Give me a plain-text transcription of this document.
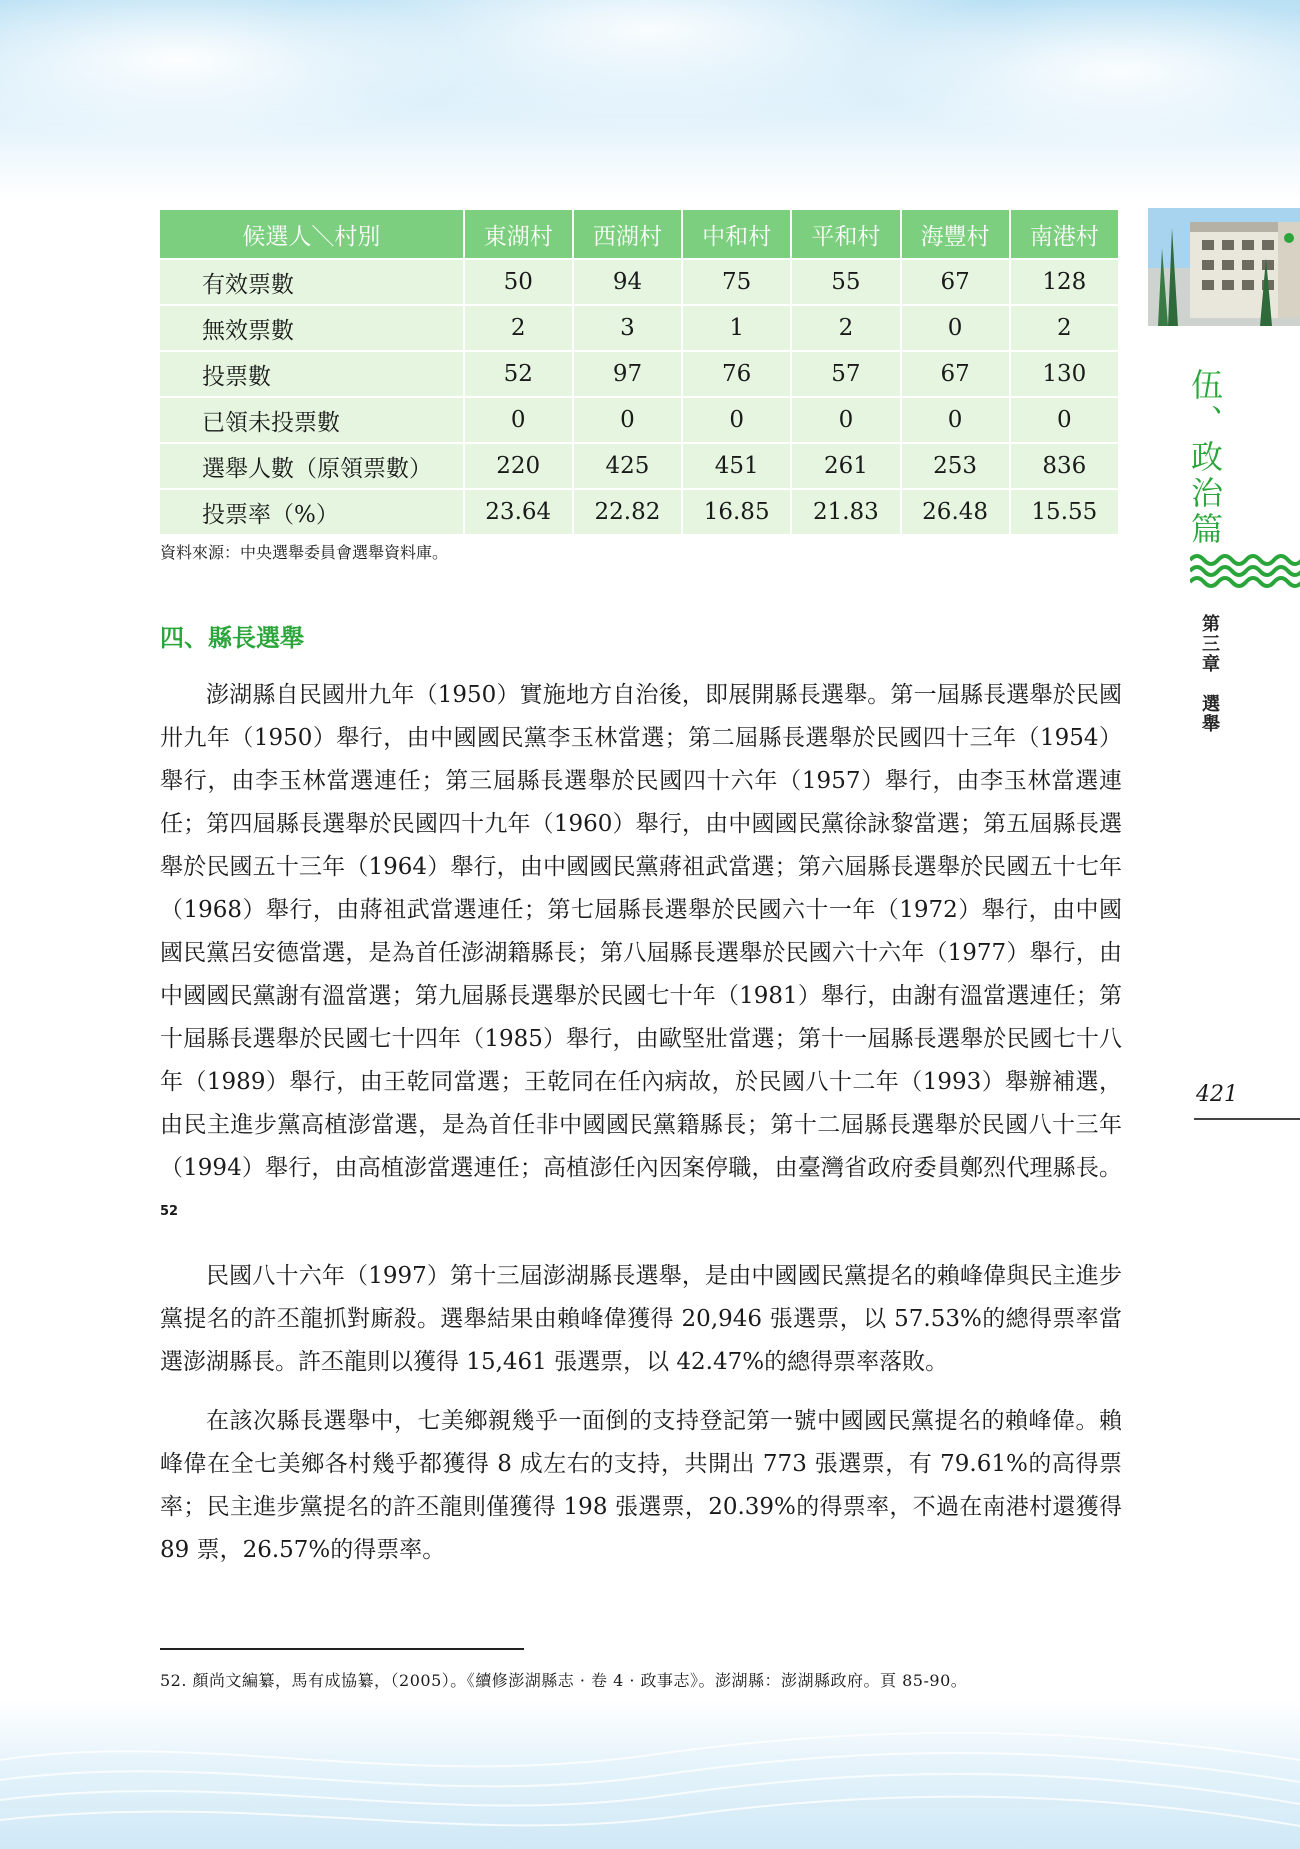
候選人＼村別	東湖村	西湖村	中和村	平和村	海豐村	南港村
有效票數	50	94	75	55	67	128
無效票數	2	3	1	2	0	2
投票數	52	97	76	57	67	130
已領未投票數	0	0	0	0	0	0
選舉人數（原領票數）	220	425	451	261	253	836
投票率（%）	23.64	22.82	16.85	21.83	26.48	15.55
資料來源：中央選舉委員會選舉資料庫。
四、縣長選舉

澎湖縣自民國卅九年（1950）實施地方自治後，即展開縣長選舉。第一屆縣長選舉於民國卅九年（1950）舉行，由中國國民黨李玉林當選；第二屆縣長選舉於民國四十三年（1954）舉行，由李玉林當選連任；第三屆縣長選舉於民國四十六年（1957）舉行，由李玉林當選連任；第四屆縣長選舉於民國四十九年（1960）舉行，由中國國民黨徐詠黎當選；第五屆縣長選舉於民國五十三年（1964）舉行，由中國國民黨蔣祖武當選；第六屆縣長選舉於民國五十七年（1968）舉行，由蔣祖武當選連任；第七屆縣長選舉於民國六十一年（1972）舉行，由中國國民黨呂安德當選，是為首任澎湖籍縣長；第八屆縣長選舉於民國六十六年（1977）舉行，由中國國民黨謝有溫當選；第九屆縣長選舉於民國七十年（1981）舉行，由謝有溫當選連任；第十屆縣長選舉於民國七十四年（1985）舉行，由歐堅壯當選；第十一屆縣長選舉於民國七十八年（1989）舉行，由王乾同當選；王乾同在任內病故，於民國八十二年（1993）舉辦補選，由民主進步黨高植澎當選，是為首任非中國國民黨籍縣長；第十二屆縣長選舉於民國八十三年（1994）舉行，由高植澎當選連任；高植澎任內因案停職，由臺灣省政府委員鄭烈代理縣長。$^{52}$

民國八十六年（1997）第十三屆澎湖縣長選舉，是由中國國民黨提名的賴峰偉與民主進步黨提名的許丕龍抓對廝殺。選舉結果由賴峰偉獲得 20,946 張選票，以 57.53%的總得票率當選澎湖縣長。許丕龍則以獲得 15,461 張選票，以 42.47%的總得票率落敗。

在該次縣長選舉中，七美鄉親幾乎一面倒的支持登記第一號中國國民黨提名的賴峰偉。賴峰偉在全七美鄉各村幾乎都獲得 8 成左右的支持，共開出 773 張選票，有 79.61%的高得票率；民主進步黨提名的許丕龍則僅獲得 198 張選票，20.39%的得票率，不過在南港村還獲得 89 票，26.57%的得票率。

52. 顏尚文編纂，馬有成協纂，（2005）。《續修澎湖縣志 · 卷 4 · 政事志》。澎湖縣：澎湖縣政府。頁 85-90。
伍、政治篇
第三章　選舉
421
